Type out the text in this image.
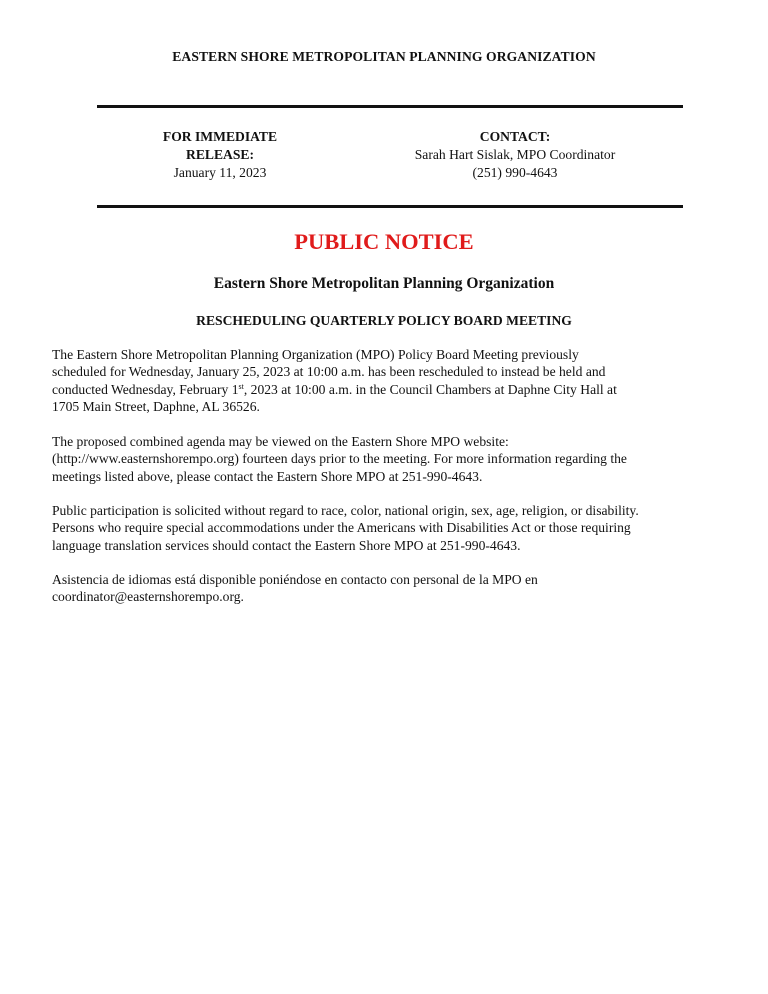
EASTERN SHORE METROPOLITAN PLANNING ORGANIZATION
FOR IMMEDIATE RELEASE:
January 11, 2023
CONTACT:
Sarah Hart Sislak, MPO Coordinator
(251) 990-4643
PUBLIC NOTICE
Eastern Shore Metropolitan Planning Organization
RESCHEDULING QUARTERLY POLICY BOARD MEETING
The Eastern Shore Metropolitan Planning Organization (MPO) Policy Board Meeting previously
scheduled for Wednesday, January 25, 2023 at 10:00 a.m. has been rescheduled to instead be held and
conducted Wednesday, February 1st, 2023 at 10:00 a.m. in the Council Chambers at Daphne City Hall at
1705 Main Street, Daphne, AL 36526.
The proposed combined agenda may be viewed on the Eastern Shore MPO website:
(http://www.easternshorempo.org) fourteen days prior to the meeting. For more information regarding the
meetings listed above, please contact the Eastern Shore MPO at 251-990-4643.
Public participation is solicited without regard to race, color, national origin, sex, age, religion, or disability.
Persons who require special accommodations under the Americans with Disabilities Act or those requiring
language translation services should contact the Eastern Shore MPO at 251-990-4643.
Asistencia de idiomas está disponible poniéndose en contacto con personal de la MPO en
coordinator@easternshorempo.org.
